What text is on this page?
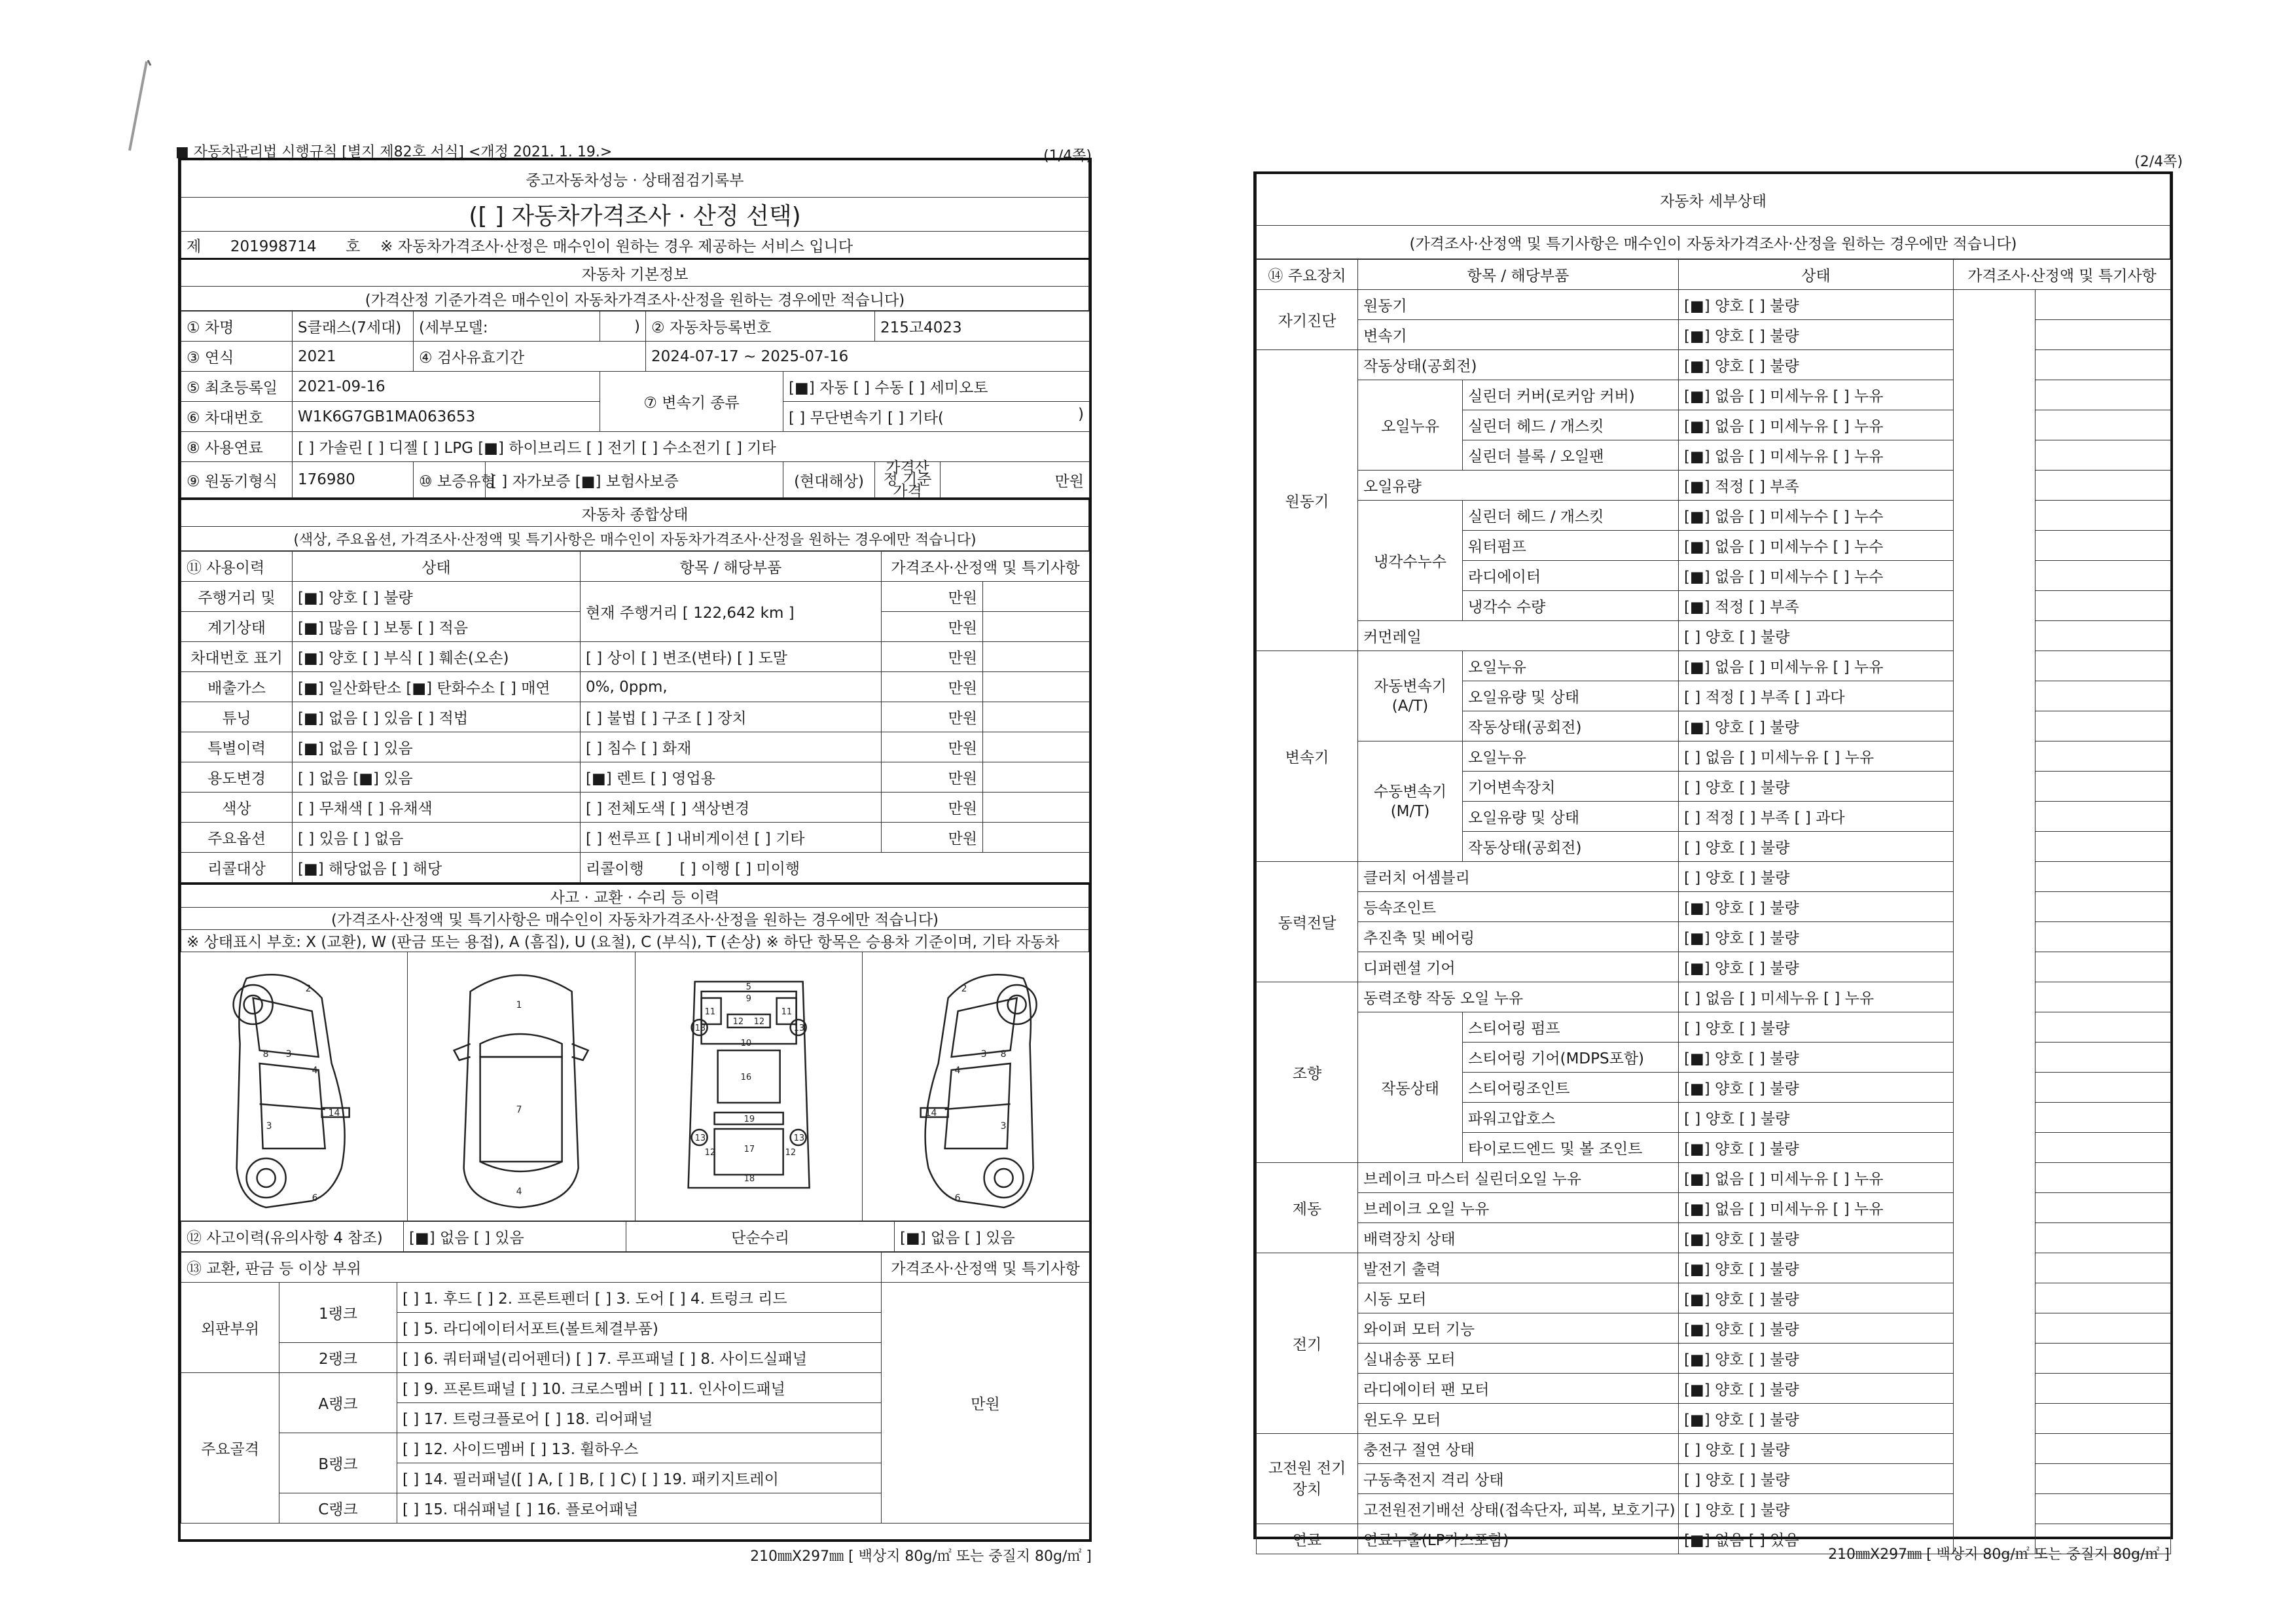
■ 자동차관리법 시행규칙 [별지 제82호 서식] <개정 2021. 1. 19.>	(1/4쪽)
중고자동차성능 · 상태점검기록부
([ ] 자동차가격조사 · 산정 선택)
제 201998714 호 ※ 자동차가격조사·산정은 매수인이 원하는 경우 제공하는 서비스 입니다
자동차 기본정보
(가격산정 기준가격은 매수인이 자동차가격조사·산정을 원하는 경우에만 적습니다)
① 차명	S클래스(7세대)	(세부모델:		)	② 자동차등록번호		215고4023	
③ 연식	2021	④ 검사유효기간			2024-07-17 ~ 2025-07-16			
⑤ 최초등록일	2021-09-16			⑦ 변속기 종류		[■] 자동 [ ] 수동 [ ] 세미오토		
⑥ 차대번호	W1K6G7GB1MA063653					[ ] 무단변속기 [ ] 기타( )		

⑧ 사용연료	[ ] 가솔린 [ ] 디젤 [ ] LPG [■] 하이브리드 [ ] 전기 [ ] 수소전기 [ ] 기타							
⑨ 원동기형식	176980	⑩ 보증유형	[ ] 자가보증 [■] 보험사보증			(현대해상)	가격산정 기준가격	만원
자동차 종합상태
(색상, 주요옵션, 가격조사·산정액 및 특기사항은 매수인이 자동차가격조사·산정을 원하는 경우에만 적습니다)
⑪ 사용이력	상태	항목 / 해당부품	가격조사·산정액 및 특기사항	
주행거리 및	[■] 양호 [ ] 불량	현재 주행거리 [ 122,642 km ]	만원	
계기상태	[■] 많음 [ ] 보통 [ ] 적음		만원	
차대번호 표기	[■] 양호 [ ] 부식 [ ] 훼손(오손)	[ ] 상이 [ ] 변조(변타) [ ] 도말	만원	
배출가스	[■] 일산화탄소 [■] 탄화수소 [ ] 매연	0%, 0ppm,	만원	
튜닝	[■] 없음 [ ] 있음 [ ] 적법	[ ] 불법 [ ] 구조 [ ] 장치	만원	
특별이력	[■] 없음 [ ] 있음	[ ] 침수 [ ] 화재	만원	
용도변경	[ ] 없음 [■] 있음	[■] 렌트 [ ] 영업용	만원	
색상	[ ] 무채색 [ ] 유채색	[ ] 전체도색 [ ] 색상변경	만원	
주요옵션	[ ] 있음 [ ] 없음	[ ] 썬루프 [ ] 내비게이션 [ ] 기타	만원	
리콜대상	[■] 해당없음 [ ] 해당	리콜이행 [ ] 이행 [ ] 미이행		
사고 · 교환 · 수리 등 이력
(가격조사·산정액 및 특기사항은 매수인이 자동차가격조사·산정을 원하는 경우에만 적습니다)
※ 상태표시 부호: X (교환), W (판금 또는 용접), A (흠집), U (요철), C (부식), T (손상) ※ 하단 항목은 승용차 기준이며, 기타 자동차
2
8 3
4
3
14
6
1
7
4
5
9
11	11
12 12
13	13
10
16
19
13	13
12	17	12
18
2
8
3
4
3
14
6
⑫ 사고이력(유의사항 4 참조)	[■] 없음 [ ] 있음	단순수리	[■] 없음 [ ] 있음
⑬ 교환, 판금 등 이상 부위			가격조사·산정액 및 특기사항
외판부위	1랭크	[ ] 1. 후드 [ ] 2. 프론트펜더 [ ] 3. 도어 [ ] 4. 트렁크 리드	만원
		[ ] 5. 라디에이터서포트(볼트체결부품)	
	2랭크	[ ] 6. 쿼터패널(리어펜더) [ ] 7. 루프패널 [ ] 8. 사이드실패널	
주요골격	A랭크	[ ] 9. 프론트패널 [ ] 10. 크로스멤버 [ ] 11. 인사이드패널	
		[ ] 17. 트렁크플로어 [ ] 18. 리어패널	
	B랭크	[ ] 12. 사이드멤버 [ ] 13. 휠하우스	
		[ ] 14. 필러패널([ ] A, [ ] B, [ ] C) [ ] 19. 패키지트레이	
	C랭크	[ ] 15. 대쉬패널 [ ] 16. 플로어패널	
210㎜X297㎜ [ 백상지 80g/㎡ 또는 중질지 80g/㎡ ]
(2/4쪽)
자동차 세부상태
(가격조사·산정액 및 특기사항은 매수인이 자동차가격조사·산정을 원하는 경우에만 적습니다)
⑭ 주요장치	항목 / 해당부품		상태	가격조사·산정액 및 특기사항	
자기진단	원동기		[■] 양호 [ ] 불량		
	변속기		[■] 양호 [ ] 불량		
원동기	작동상태(공회전)		[■] 양호 [ ] 불량		
	오일누유	실린더 커버(로커암 커버)	[■] 없음 [ ] 미세누유 [ ] 누유		
		실린더 헤드 / 개스킷	[■] 없음 [ ] 미세누유 [ ] 누유		
		실린더 블록 / 오일팬	[■] 없음 [ ] 미세누유 [ ] 누유		
	오일유량		[■] 적정 [ ] 부족		
	냉각수누수	실린더 헤드 / 개스킷	[■] 없음 [ ] 미세누수 [ ] 누수		
		워터펌프	[■] 없음 [ ] 미세누수 [ ] 누수		
		라디에이터	[■] 없음 [ ] 미세누수 [ ] 누수		
		냉각수 수량	[■] 적정 [ ] 부족		
	커먼레일		[ ] 양호 [ ] 불량		
변속기	자동변속기 (A/T)	오일누유	[■] 없음 [ ] 미세누유 [ ] 누유		
		오일유량 및 상태	[ ] 적정 [ ] 부족 [ ] 과다		
		작동상태(공회전)	[■] 양호 [ ] 불량		
	수동변속기 (M/T)	오일누유	[ ] 없음 [ ] 미세누유 [ ] 누유		
		기어변속장치	[ ] 양호 [ ] 불량		
		오일유량 및 상태	[ ] 적정 [ ] 부족 [ ] 과다		
		작동상태(공회전)	[ ] 양호 [ ] 불량		
동력전달	클러치 어셈블리		[ ] 양호 [ ] 불량		
	등속조인트		[■] 양호 [ ] 불량		
	추진축 및 베어링		[■] 양호 [ ] 불량		
	디퍼렌셜 기어		[■] 양호 [ ] 불량		
조향	동력조향 작동 오일 누유		[ ] 없음 [ ] 미세누유 [ ] 누유		
	작동상태	스티어링 펌프	[ ] 양호 [ ] 불량		
		스티어링 기어(MDPS포함)	[■] 양호 [ ] 불량		
		스티어링조인트	[■] 양호 [ ] 불량		
		파워고압호스	[ ] 양호 [ ] 불량		
		타이로드엔드 및 볼 조인트	[■] 양호 [ ] 불량		
제동	브레이크 마스터 실린더오일 누유		[■] 없음 [ ] 미세누유 [ ] 누유		
	브레이크 오일 누유		[■] 없음 [ ] 미세누유 [ ] 누유		
	배력장치 상태		[■] 양호 [ ] 불량		
전기	발전기 출력		[■] 양호 [ ] 불량		
	시동 모터		[■] 양호 [ ] 불량		
	와이퍼 모터 기능		[■] 양호 [ ] 불량		
	실내송풍 모터		[■] 양호 [ ] 불량		
	라디에이터 팬 모터		[■] 양호 [ ] 불량		
	윈도우 모터		[■] 양호 [ ] 불량		
고전원 전기장치	충전구 절연 상태		[ ] 양호 [ ] 불량		
	구동축전지 격리 상태		[ ] 양호 [ ] 불량		
	고전원전기배선 상태(접속단자, 피복, 보호기구)		[ ] 양호 [ ] 불량		
연료	연료누출(LP가스포함)		[■] 없음 [ ] 있음		
210㎜X297㎜ [ 백상지 80g/㎡ 또는 중질지 80g/㎡ ]
